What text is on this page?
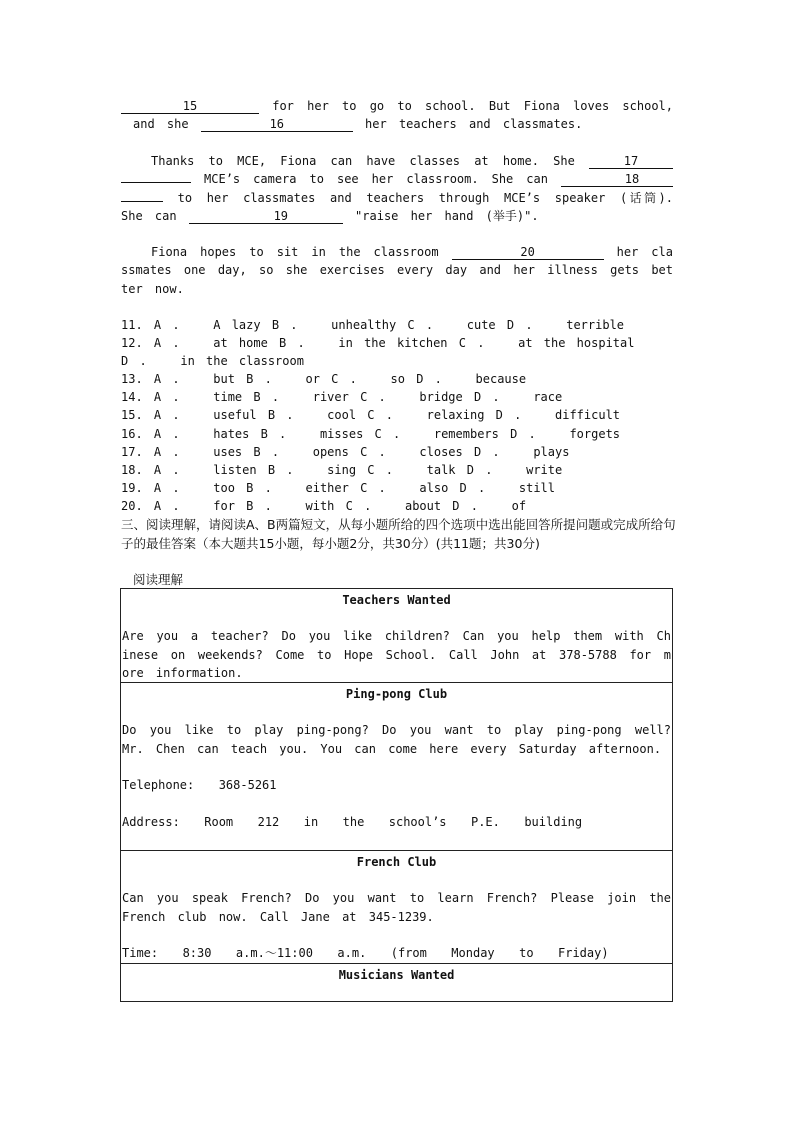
15	for her to go to school. But Fiona loves school, and she	16	her teachers and classmates.
Thanks to MCE, Fiona can have classes at home. She	17  MCE’s camera to see her classroom. She can	18  to her classmates and teachers through MCE’s speaker (话筒). She can	19	"raise her hand (举手)".
Fiona hopes to sit in the classroom	20	her classmates one day, so she exercises every day and her illness gets better now.
11. A .   A lazy B .   unhealthy C .   cute D .   terrible
12. A .   at home B .   in the kitchen C .   at the hospital
D .   in the classroom
13. A .   but B .   or C .   so D .   because
14. A .   time B .   river C .   bridge D .   race
15. A .   useful B .   cool C .   relaxing D .   difficult
16. A .   hates B .   misses C .   remembers D .   forgets
17. A .   uses B .   opens C .   closes D .   plays
18. A .   listen B .   sing C .   talk D .   write
19. A .   too B .   either C .   also D .   still
20. A .   for B .   with C .   about D .   of
三、阅读理解，请阅读A、B两篇短文，从每小题所给的四个选项中选出能回答所提问题或完成所给句子的最佳答案（本大题共15小题，每小题2分，共30分）(共11题；共30分)
阅读理解
Teachers Wanted

Are you a teacher? Do you like children? Can you help them with Chinese on weekends? Come to Hope School. Call John at 378-5788 for more information.

Ping-pong Club

Do you like to play ping-pong? Do you want to play ping-pong well? Mr. Chen can teach you. You can come here every Saturday afternoon.

Telephone:  368-5261

Address:  Room  212  in  the  school’s  P.E.  building

French Club

Can you speak French? Do you want to learn French? Please join the French club now. Call Jane at 345-1239.

Time:  8:30  a.m.～11:00  a.m.  (from  Monday  to  Friday)

Musicians Wanted
